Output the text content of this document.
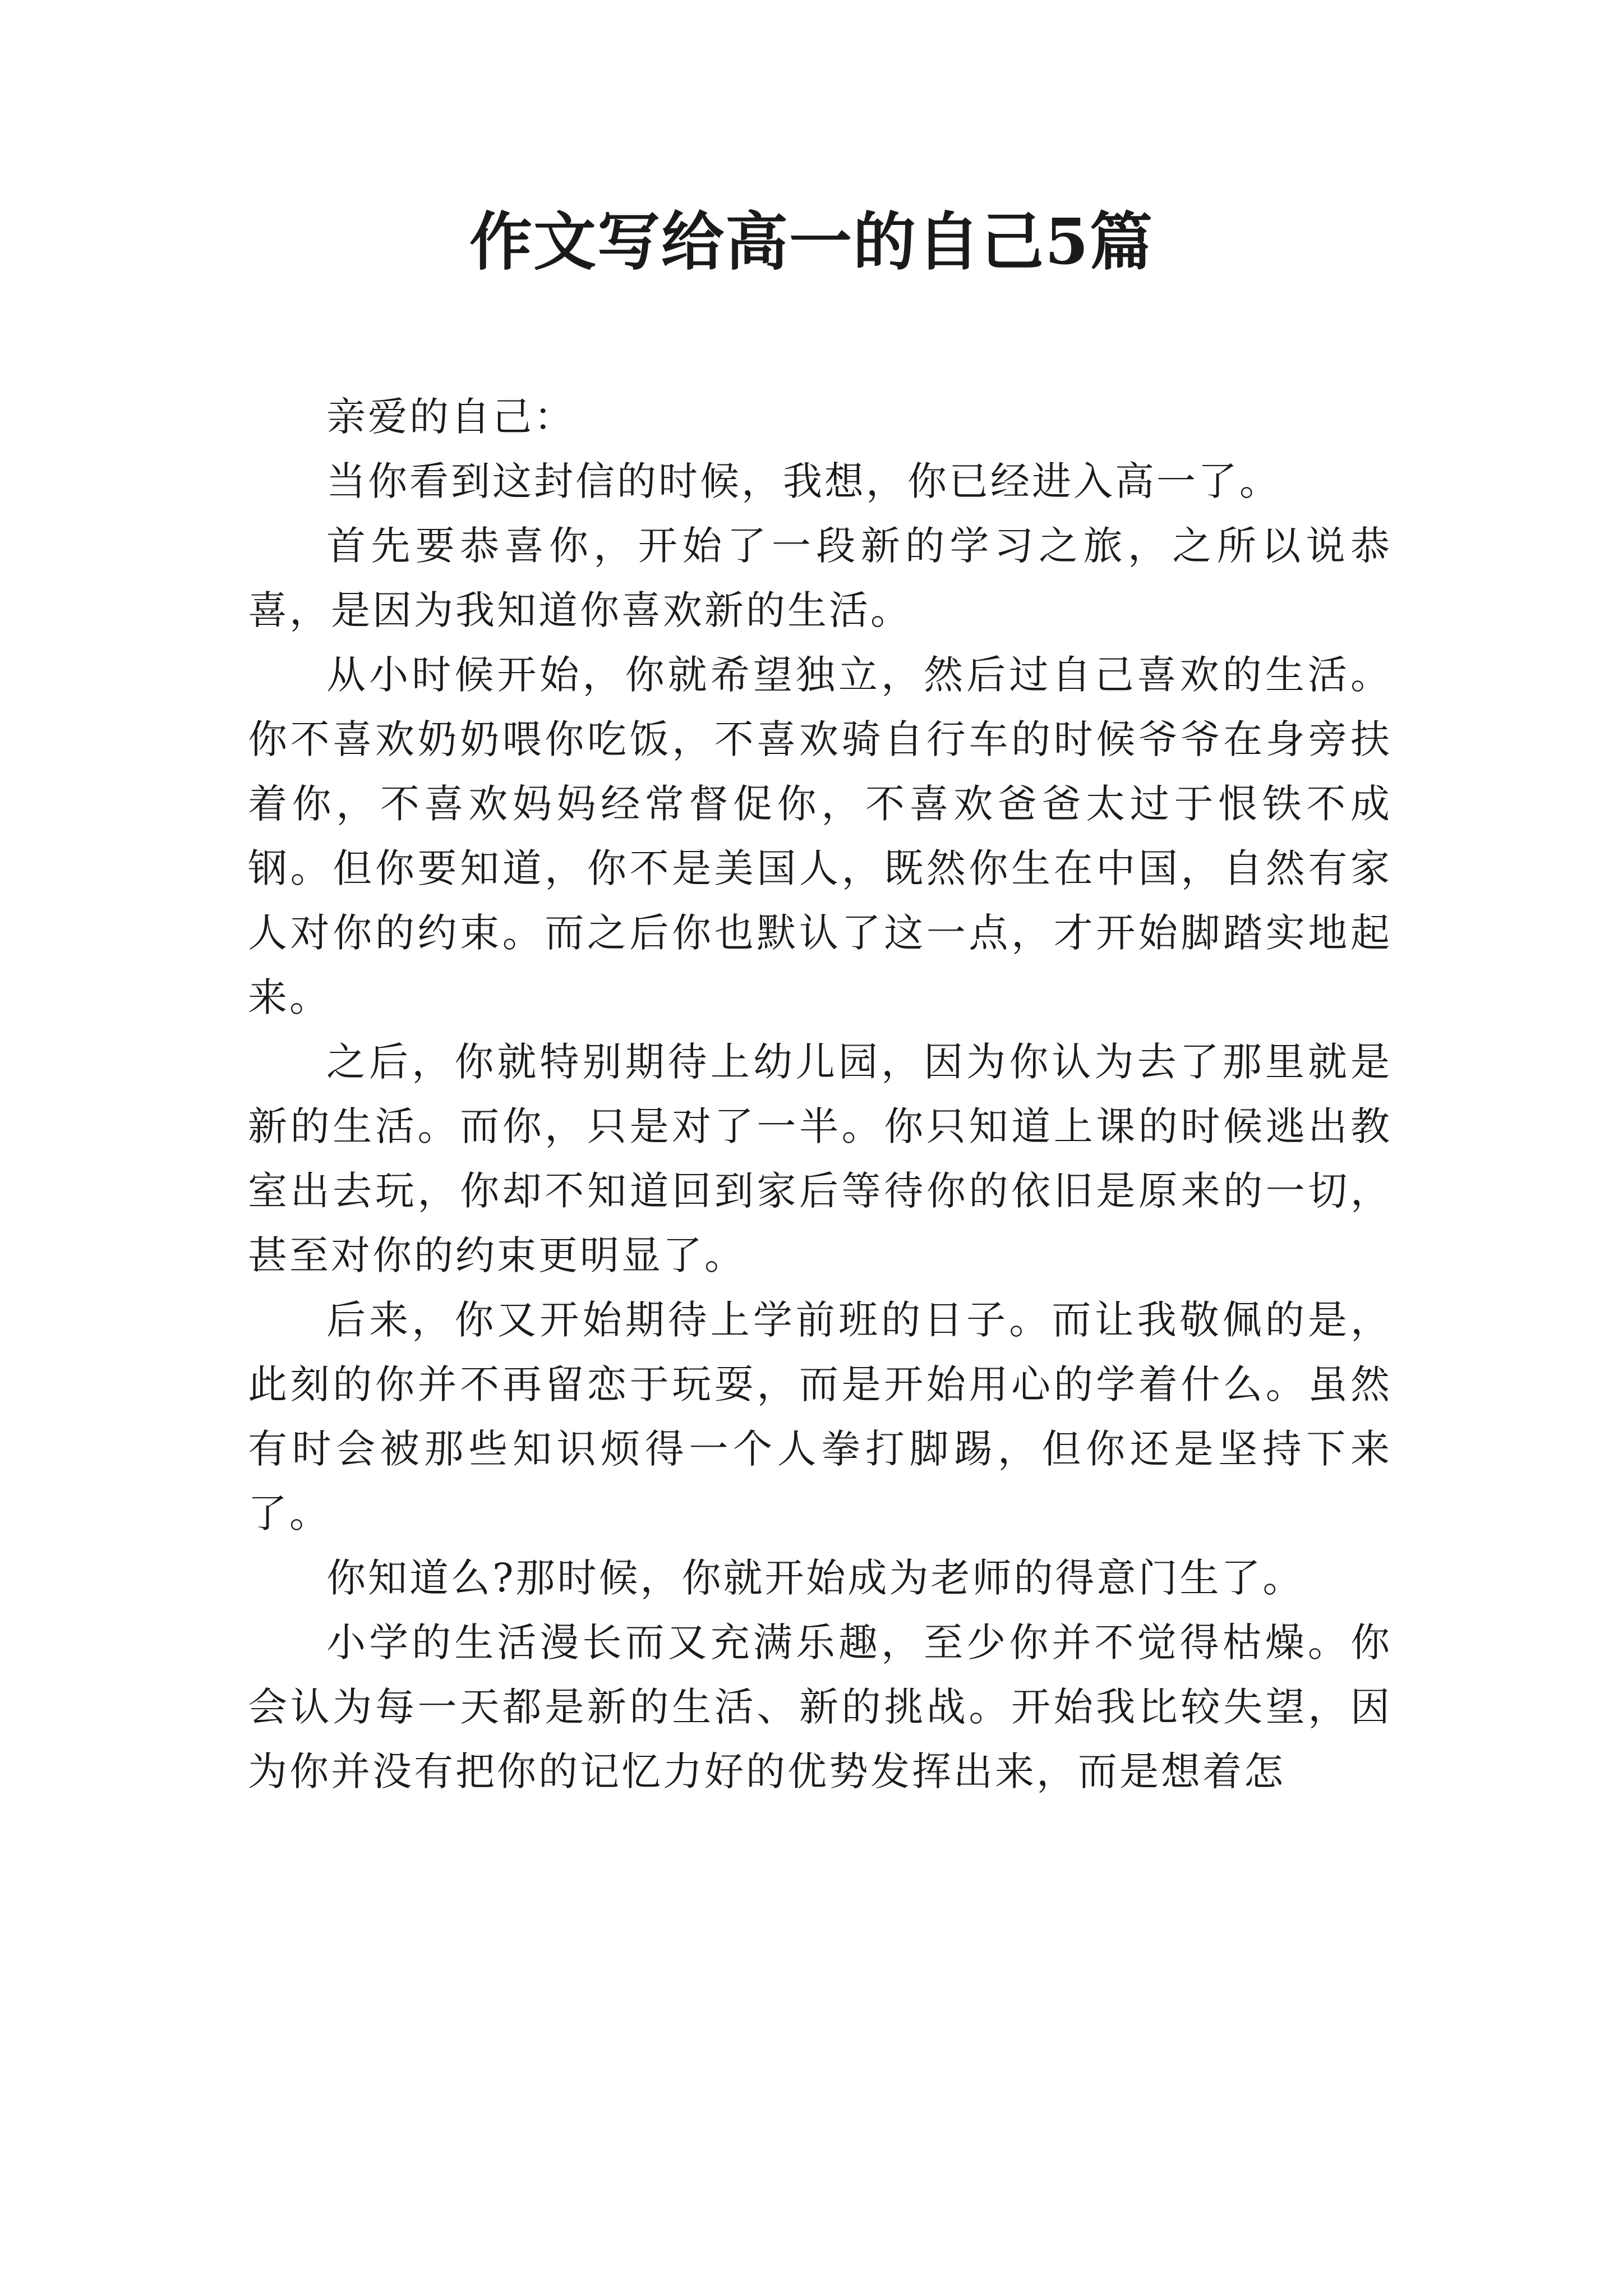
作文写给高一的自己5篇

亲爱的自己：

当你看到这封信的时候，我想，你已经进入高一了。

首先要恭喜你，开始了一段新的学习之旅，之所以说恭喜，是因为我知道你喜欢新的生活。

从小时候开始，你就希望独立，然后过自己喜欢的生活。你不喜欢奶奶喂你吃饭，不喜欢骑自行车的时候爷爷在身旁扶着你，不喜欢妈妈经常督促你，不喜欢爸爸太过于恨铁不成钢。但你要知道，你不是美国人，既然你生在中国，自然有家人对你的约束。而之后你也默认了这一点，才开始脚踏实地起来。

之后，你就特别期待上幼儿园，因为你认为去了那里就是新的生活。而你，只是对了一半。你只知道上课的时候逃出教室出去玩，你却不知道回到家后等待你的依旧是原来的一切，甚至对你的约束更明显了。

后来，你又开始期待上学前班的日子。而让我敬佩的是，此刻的你并不再留恋于玩耍，而是开始用心的学着什么。虽然有时会被那些知识烦得一个人拳打脚踢，但你还是坚持下来了。

你知道么?那时候，你就开始成为老师的得意门生了。

小学的生活漫长而又充满乐趣，至少你并不觉得枯燥。你会认为每一天都是新的生活、新的挑战。开始我比较失望，因为你并没有把你的记忆力好的优势发挥出来，而是想着怎
